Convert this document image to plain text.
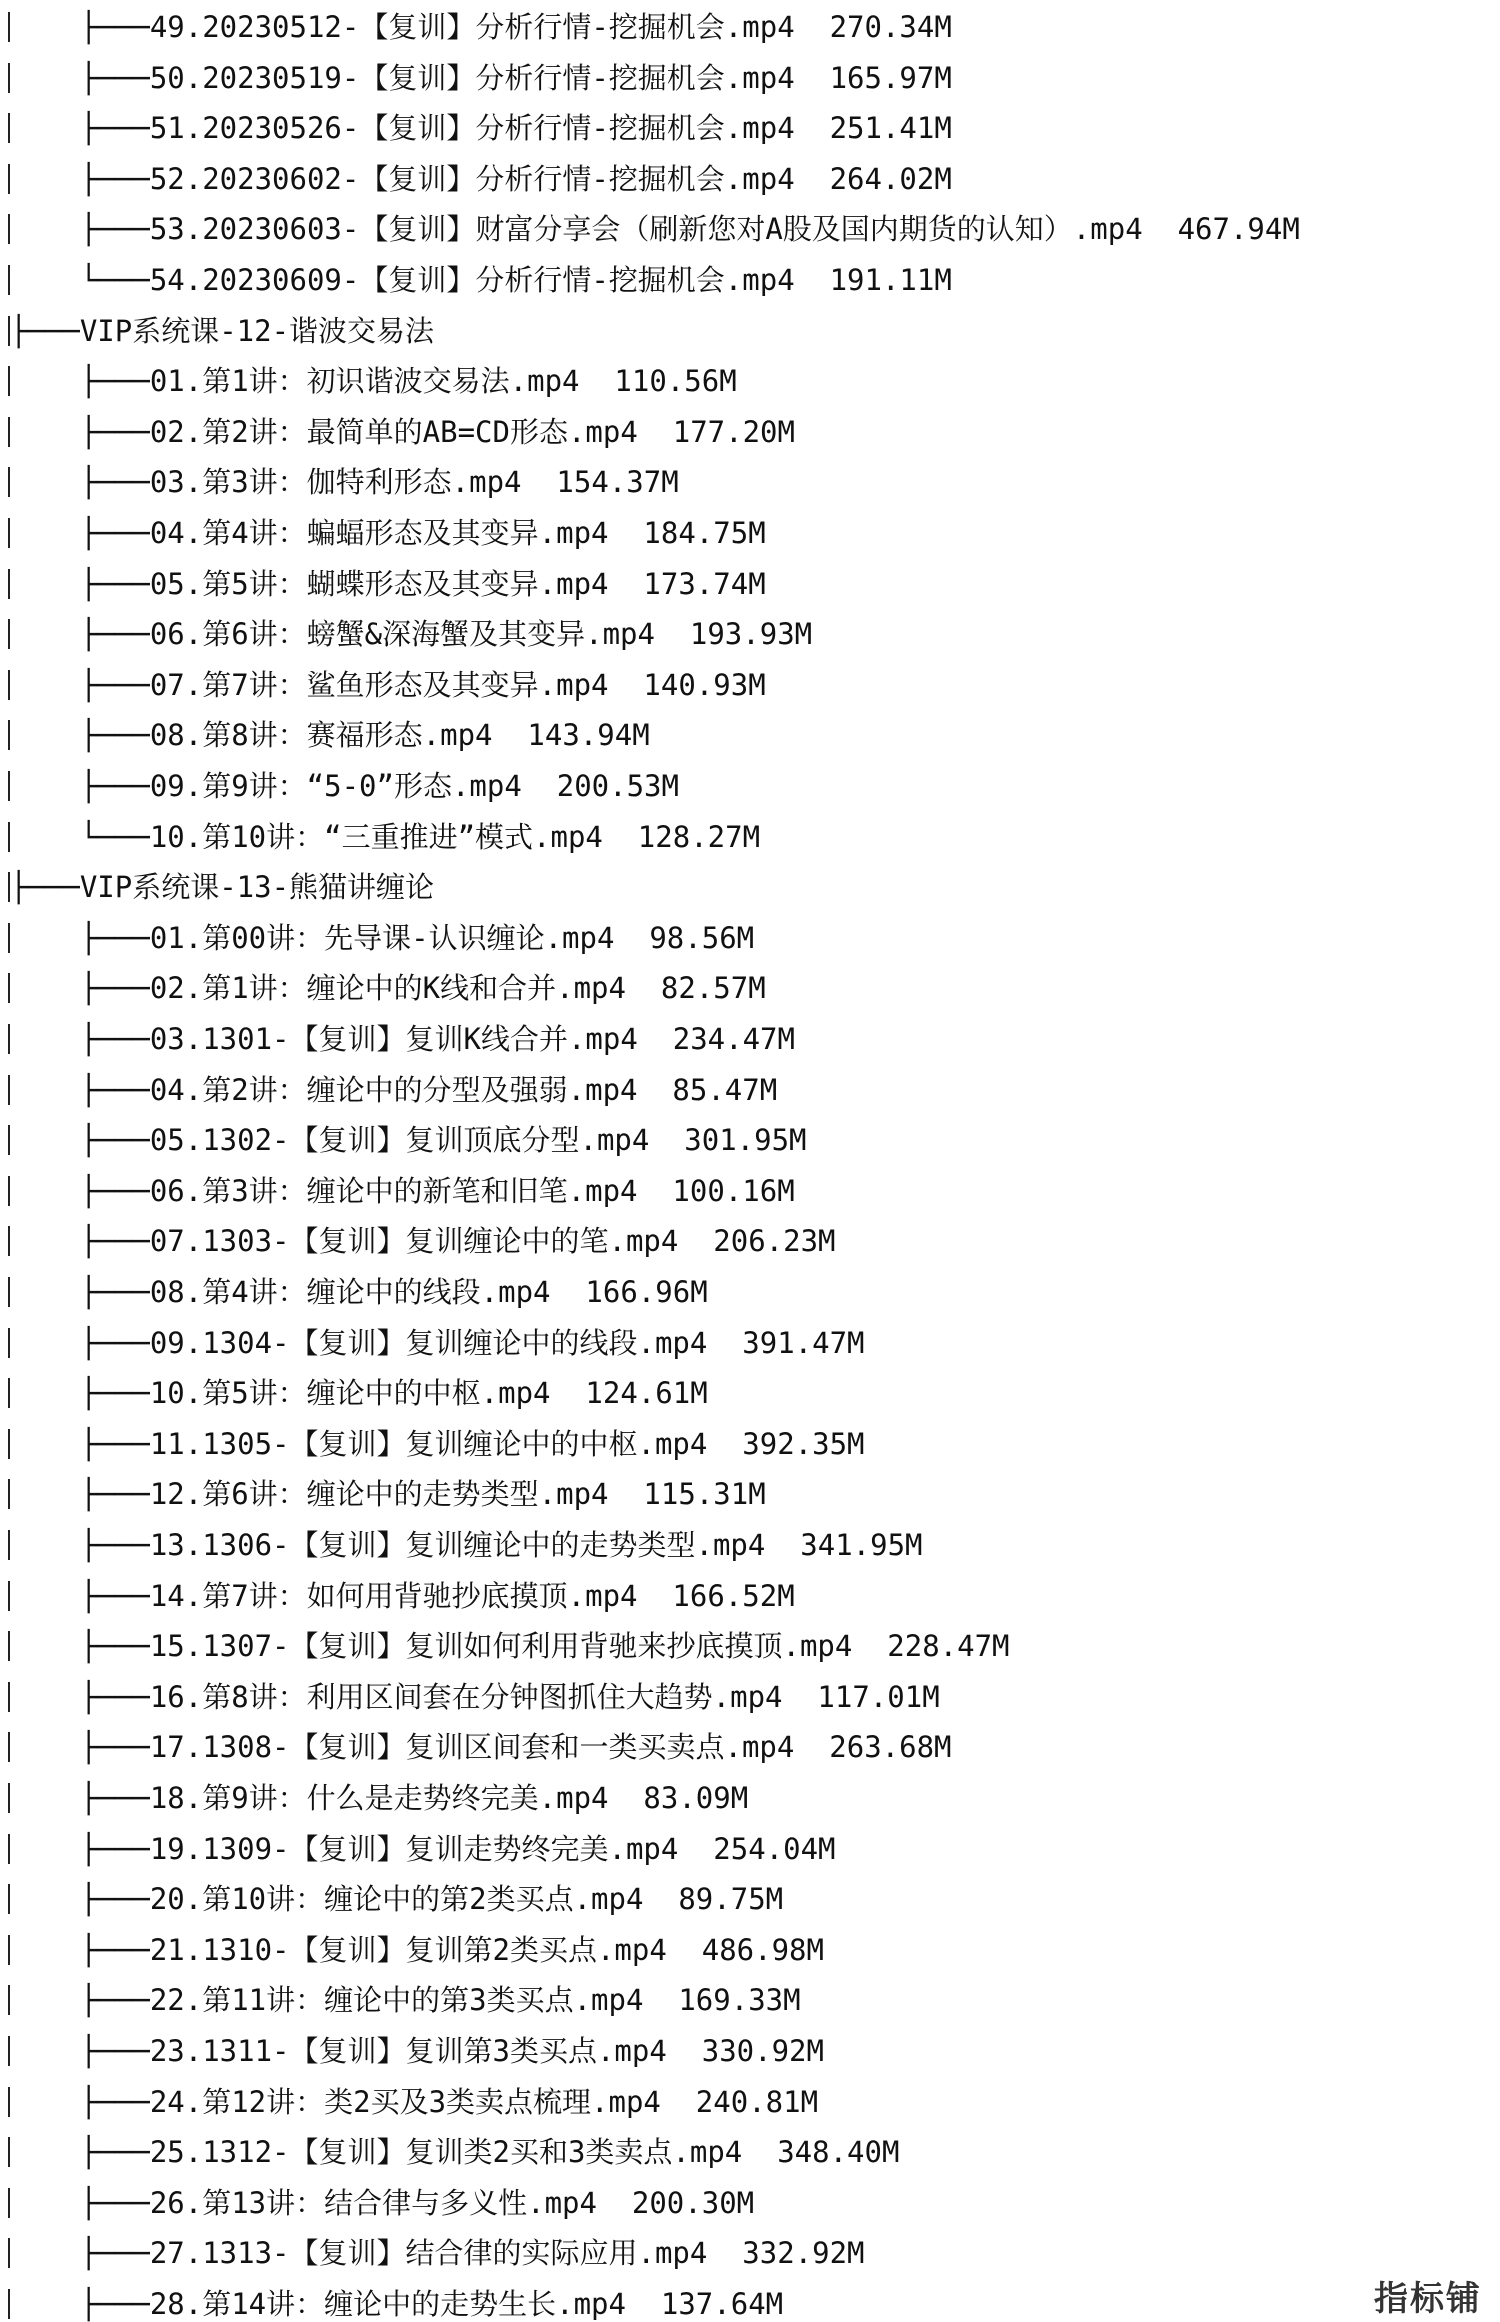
├───49.20230512-【复训】分析行情-挖掘机会.mp4  270.34M
├───50.20230519-【复训】分析行情-挖掘机会.mp4  165.97M
├───51.20230526-【复训】分析行情-挖掘机会.mp4  251.41M
├───52.20230602-【复训】分析行情-挖掘机会.mp4  264.02M
├───53.20230603-【复训】财富分享会（刷新您对A股及国内期货的认知）.mp4  467.94M
└───54.20230609-【复训】分析行情-挖掘机会.mp4  191.11M
├───VIP系统课-12-谐波交易法
├───01.第1讲：初识谐波交易法.mp4  110.56M
├───02.第2讲：最简单的AB=CD形态.mp4  177.20M
├───03.第3讲：伽特利形态.mp4  154.37M
├───04.第4讲：蝙蝠形态及其变异.mp4  184.75M
├───05.第5讲：蝴蝶形态及其变异.mp4  173.74M
├───06.第6讲：螃蟹&深海蟹及其变异.mp4  193.93M
├───07.第7讲：鲨鱼形态及其变异.mp4  140.93M
├───08.第8讲：赛福形态.mp4  143.94M
├───09.第9讲：“5-0”形态.mp4  200.53M
└───10.第10讲：“三重推进”模式.mp4  128.27M
├───VIP系统课-13-熊猫讲缠论
├───01.第00讲：先导课-认识缠论.mp4  98.56M
├───02.第1讲：缠论中的K线和合并.mp4  82.57M
├───03.1301-【复训】复训K线合并.mp4  234.47M
├───04.第2讲：缠论中的分型及强弱.mp4  85.47M
├───05.1302-【复训】复训顶底分型.mp4  301.95M
├───06.第3讲：缠论中的新笔和旧笔.mp4  100.16M
├───07.1303-【复训】复训缠论中的笔.mp4  206.23M
├───08.第4讲：缠论中的线段.mp4  166.96M
├───09.1304-【复训】复训缠论中的线段.mp4  391.47M
├───10.第5讲：缠论中的中枢.mp4  124.61M
├───11.1305-【复训】复训缠论中的中枢.mp4  392.35M
├───12.第6讲：缠论中的走势类型.mp4  115.31M
├───13.1306-【复训】复训缠论中的走势类型.mp4  341.95M
├───14.第7讲：如何用背驰抄底摸顶.mp4  166.52M
├───15.1307-【复训】复训如何利用背驰来抄底摸顶.mp4  228.47M
├───16.第8讲：利用区间套在分钟图抓住大趋势.mp4  117.01M
├───17.1308-【复训】复训区间套和一类买卖点.mp4  263.68M
├───18.第9讲：什么是走势终完美.mp4  83.09M
├───19.1309-【复训】复训走势终完美.mp4  254.04M
├───20.第10讲：缠论中的第2类买点.mp4  89.75M
├───21.1310-【复训】复训第2类买点.mp4  486.98M
├───22.第11讲：缠论中的第3类买点.mp4  169.33M
├───23.1311-【复训】复训第3类买点.mp4  330.92M
├───24.第12讲：类2买及3类卖点梳理.mp4  240.81M
├───25.1312-【复训】复训类2买和3类卖点.mp4  348.40M
├───26.第13讲：结合律与多义性.mp4  200.30M
├───27.1313-【复训】结合律的实际应用.mp4  332.92M
├───28.第14讲：缠论中的走势生长.mp4  137.64M	指标铺
